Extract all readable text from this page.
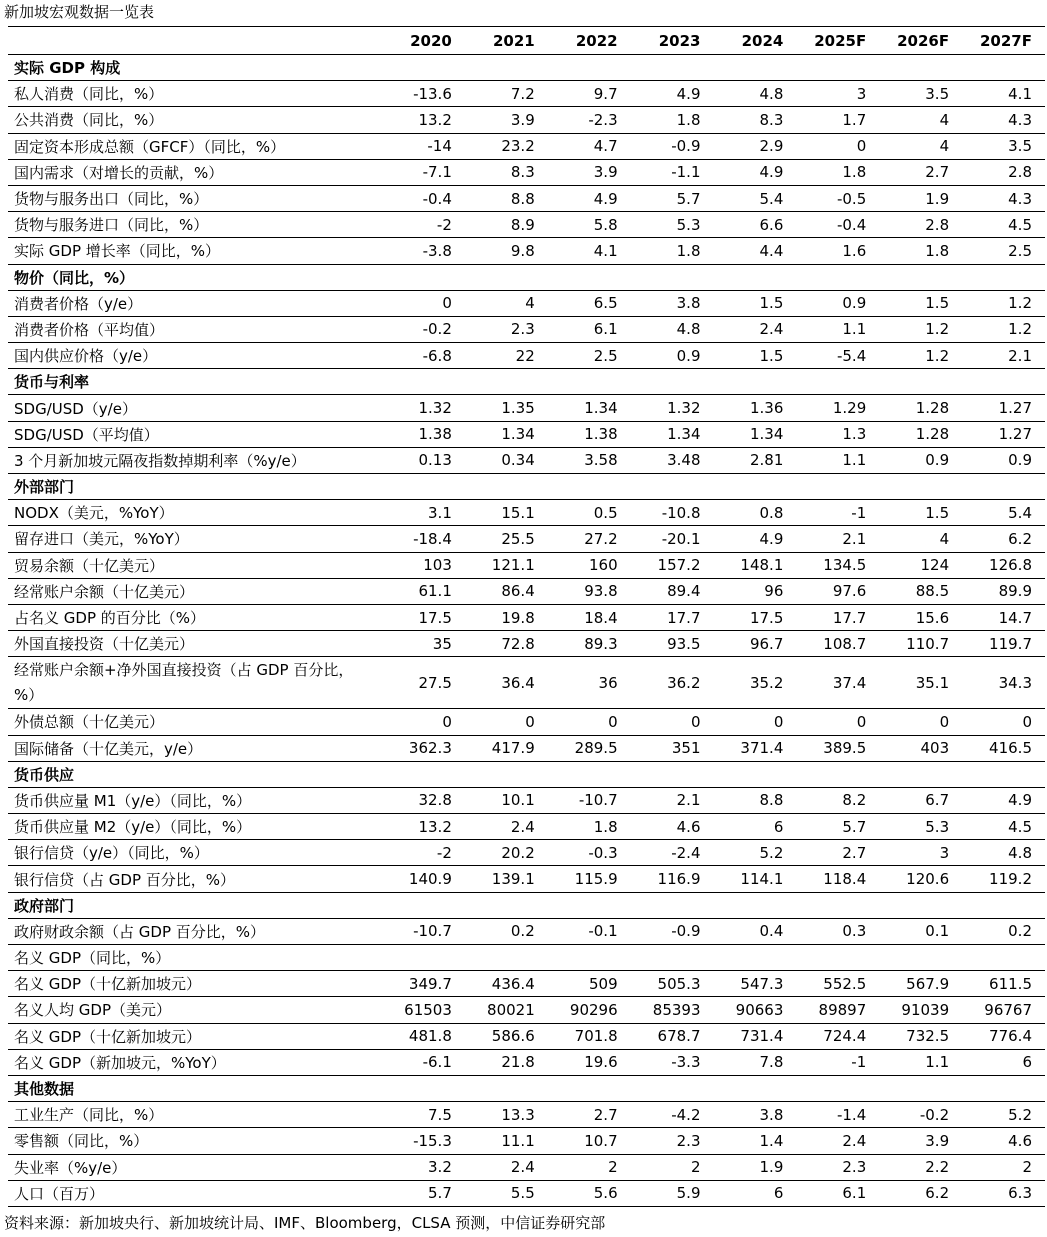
新加坡宏观数据一览表
	2020	2021	2022	2023	2024	2025F	2026F	2027F
实际 GDP 构成								
私人消费（同比，%）	-13.6	7.2	9.7	4.9	4.8	3	3.5	4.1
公共消费（同比，%）	13.2	3.9	-2.3	1.8	8.3	1.7	4	4.3
固定资本形成总额（GFCF）（同比，%）	-14	23.2	4.7	-0.9	2.9	0	4	3.5
国内需求（对增长的贡献，%）	-7.1	8.3	3.9	-1.1	4.9	1.8	2.7	2.8
货物与服务出口（同比，%）	-0.4	8.8	4.9	5.7	5.4	-0.5	1.9	4.3
货物与服务进口（同比，%）	-2	8.9	5.8	5.3	6.6	-0.4	2.8	4.5
实际 GDP 增长率（同比，%）	-3.8	9.8	4.1	1.8	4.4	1.6	1.8	2.5
物价（同比，%）								
消费者价格（y/e）	0	4	6.5	3.8	1.5	0.9	1.5	1.2
消费者价格（平均值）	-0.2	2.3	6.1	4.8	2.4	1.1	1.2	1.2
国内供应价格（y/e）	-6.8	22	2.5	0.9	1.5	-5.4	1.2	2.1
货币与利率								
SDG/USD（y/e）	1.32	1.35	1.34	1.32	1.36	1.29	1.28	1.27
SDG/USD（平均值）	1.38	1.34	1.38	1.34	1.34	1.3	1.28	1.27
3 个月新加坡元隔夜指数掉期利率（%y/e）	0.13	0.34	3.58	3.48	2.81	1.1	0.9	0.9
外部部门								
NODX（美元，%YoY）	3.1	15.1	0.5	-10.8	0.8	-1	1.5	5.4
留存进口（美元，%YoY）	-18.4	25.5	27.2	-20.1	4.9	2.1	4	6.2
贸易余额（十亿美元）	103	121.1	160	157.2	148.1	134.5	124	126.8
经常账户余额（十亿美元）	61.1	86.4	93.8	89.4	96	97.6	88.5	89.9
占名义 GDP 的百分比（%）	17.5	19.8	18.4	17.7	17.5	17.7	15.6	14.7
外国直接投资（十亿美元）	35	72.8	89.3	93.5	96.7	108.7	110.7	119.7
经常账户余额+净外国直接投资（占 GDP 百分比，%）	27.5	36.4	36	36.2	35.2	37.4	35.1	34.3
外债总额（十亿美元）	0	0	0	0	0	0	0	0
国际储备（十亿美元，y/e）	362.3	417.9	289.5	351	371.4	389.5	403	416.5
货币供应								
货币供应量 M1（y/e）（同比，%）	32.8	10.1	-10.7	2.1	8.8	8.2	6.7	4.9
货币供应量 M2（y/e）（同比，%）	13.2	2.4	1.8	4.6	6	5.7	5.3	4.5
银行信贷（y/e）（同比，%）	-2	20.2	-0.3	-2.4	5.2	2.7	3	4.8
银行信贷（占 GDP 百分比，%）	140.9	139.1	115.9	116.9	114.1	118.4	120.6	119.2
政府部门								
政府财政余额（占 GDP 百分比，%）	-10.7	0.2	-0.1	-0.9	0.4	0.3	0.1	0.2
名义 GDP（同比，%）								
名义 GDP（十亿新加坡元）	349.7	436.4	509	505.3	547.3	552.5	567.9	611.5
名义人均 GDP（美元）	61503	80021	90296	85393	90663	89897	91039	96767
名义 GDP（十亿新加坡元）	481.8	586.6	701.8	678.7	731.4	724.4	732.5	776.4
名义 GDP（新加坡元，%YoY）	-6.1	21.8	19.6	-3.3	7.8	-1	1.1	6
其他数据								
工业生产（同比，%）	7.5	13.3	2.7	-4.2	3.8	-1.4	-0.2	5.2
零售额（同比，%）	-15.3	11.1	10.7	2.3	1.4	2.4	3.9	4.6
失业率（%y/e）	3.2	2.4	2	2	1.9	2.3	2.2	2
人口（百万）	5.7	5.5	5.6	5.9	6	6.1	6.2	6.3
资料来源：新加坡央行、新加坡统计局、IMF、Bloomberg，CLSA 预测，中信证券研究部
